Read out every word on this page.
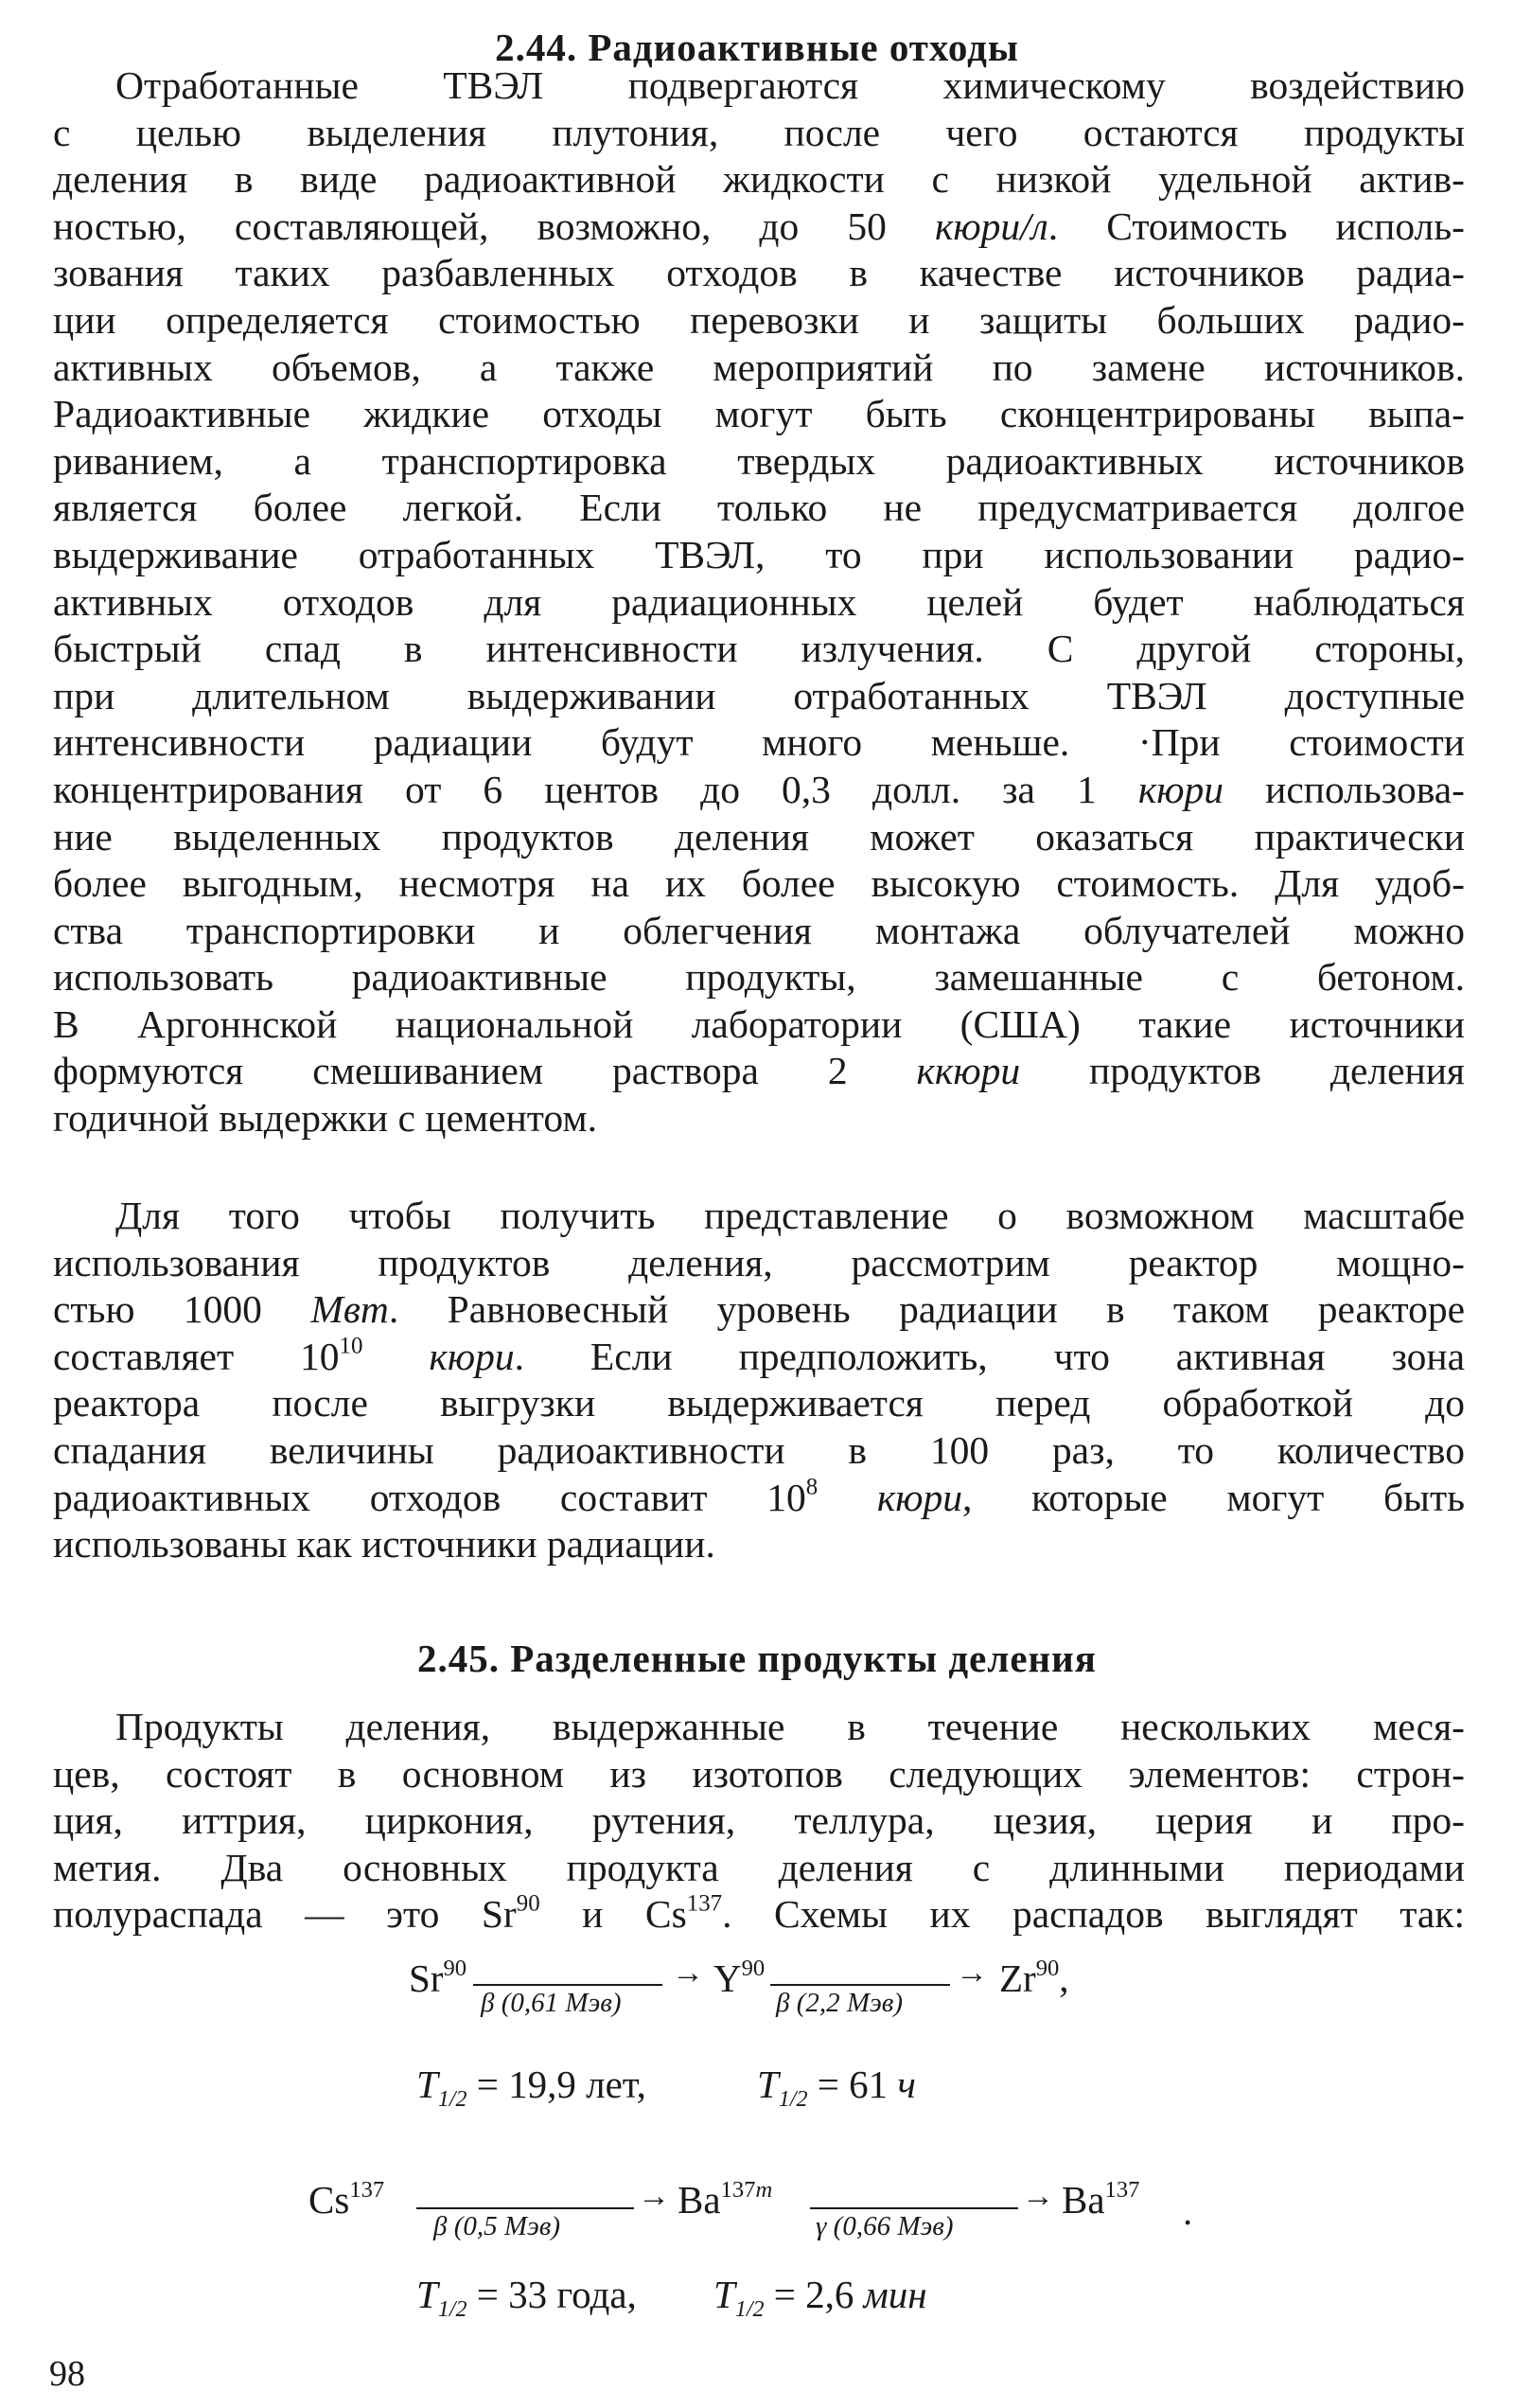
2.44. Радиоактивные отходы
Отработанные ТВЭЛ подвергаются химическому воздействию
с целью выделения плутония, после чего остаются продукты
деления в виде радиоактивной жидкости с низкой удельной актив-
ностью, составляющей, возможно, до 50 кюри/л. Стоимость исполь-
зования таких разбавленных отходов в качестве источников радиа-
ции определяется стоимостью перевозки и защиты больших радио-
активных объемов, а также мероприятий по замене источников.
Радиоактивные жидкие отходы могут быть сконцентрированы выпа-
риванием, а транспортировка твердых радиоактивных источников
является более легкой. Если только не предусматривается долгое
выдерживание отработанных ТВЭЛ, то при использовании радио-
активных отходов для радиационных целей будет наблюдаться
быстрый спад в интенсивности излучения. С другой стороны,
при длительном выдерживании отработанных ТВЭЛ доступные
интенсивности радиации будут много меньше. ·При стоимости
концентрирования от 6 центов до 0,3 долл. за 1 кюри использова-
ние выделенных продуктов деления может оказаться практически
более выгодным, несмотря на их более высокую стоимость. Для удоб-
ства транспортировки и облегчения монтажа облучателей можно
использовать радиоактивные продукты, замешанные с бетоном.
В Аргоннской национальной лаборатории (США) такие источники
формуются смешиванием раствора 2 ккюри продуктов деления
годичной выдержки с цементом.
Для того чтобы получить представление о возможном масштабе
использования продуктов деления, рассмотрим реактор мощно-
стью 1000 Мвт. Равновесный уровень радиации в таком реакторе
составляет $10^{10}$ кюри. Если предположить, что активная зона
реактора после выгрузки выдерживается перед обработкой до
спадания величины радиоактивности в 100 раз, то количество
радиоактивных отходов составит $10^8$ кюри, которые могут быть
использованы как источники радиации.
2.45. Разделенные продукты деления
Продукты деления, выдержанные в течение нескольких меся-
цев, состоят в основном из изотопов следующих элементов: строн-
ция, иттрия, циркония, рутения, теллура, цезия, церия и про-
метия. Два основных продукта деления с длинными периодами
полураспада — это Sr$^{90}$ и Cs$^{137}$. Схемы их распадов выглядят так:
$Sr^{90}$	→
β (0,61 Мэв)
$Y^{90}$	→
β (2,2 Мэв)
Zr$^{90}$,
$T_{1/2} = 19,9$ лет,	$T_{1/2} = 61$ ч
$Cs^{137}$	→
β (0,5 Мэв)
$Ba^{137m}$	→
γ (0,66 Мэв)
Ba$^{137}$ .
$T_{1/2} = 33$ года, $T_{1/2} = 2,6$ мин

98
